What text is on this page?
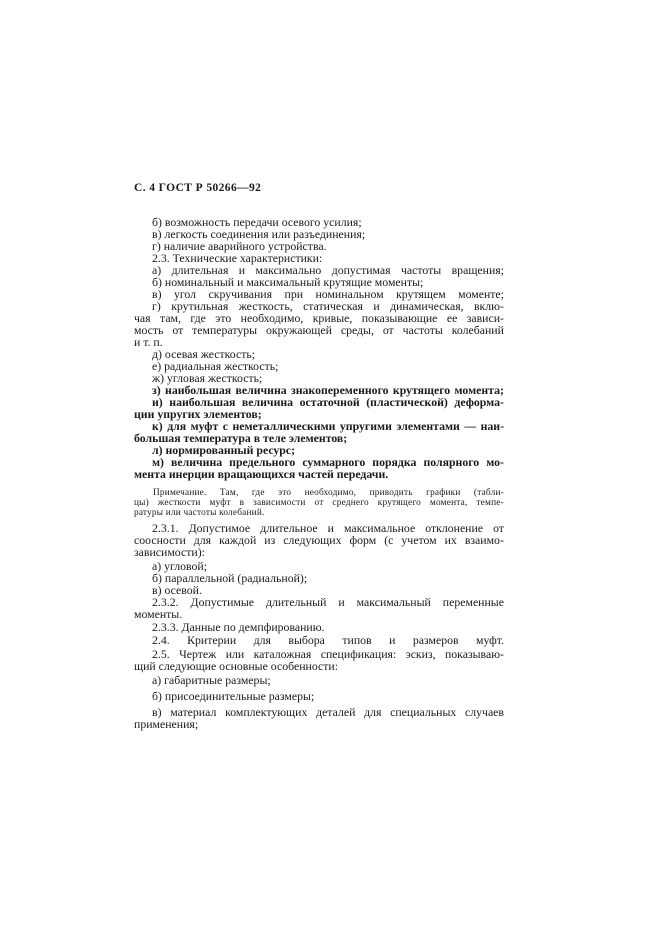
С. 4 ГОСТ Р 50266—92
б) возможность передачи осевого усилия;
в) легкость соединения или разъединения;
г) наличие аварийного устройства.
2.3. Технические характеристики:
а) длительная и максимально допустимая частоты вращения;
б) номинальный и максимальный крутящие моменты;
в) угол скручивания при номинальном крутящем моменте;
г) крутильная жесткость, статическая и динамическая, вклю-
чая там, где это необходимо, кривые, показывающие ее зависи-
мость от температуры окружающей среды, от частоты колебаний
и т. п.
д) осевая жесткость;
е) радиальная жесткость;
ж) угловая жесткость;
з) наибольшая величина знакопеременного крутящего момента;
и) наибольшая величина остаточной (пластической) деформа-
ции упругих элементов;
к) для муфт с неметаллическими упругими элементами — наи-
большая температура в теле элементов;
л) нормированный ресурс;
м) величина предельного суммарного порядка полярного мо-
мента инерции вращающихся частей передачи.
Примечание. Там, где это необходимо, приводить графики (табли-
цы) жесткости муфт в зависимости от среднего крутящего момента, темпе-
ратуры или частоты колебаний.
2.3.1. Допустимое длительное и максимальное отклонение от
соосности для каждой из следующих форм (с учетом их взаимо-
зависимости):
а) угловой;
б) параллельной (радиальной);
в) осевой.
2.3.2. Допустимые длительный и максимальный переменные
моменты.
2.3.3. Данные по демпфированию.
2.4. Критерии для выбора типов и размеров муфт.
2.5. Чертеж или каталожная спецификация: эскиз, показываю-
щий следующие основные особенности:
а) габаритные размеры;
б) присоединительные размеры;
в) материал комплектующих деталей для специальных случаев
применения;
